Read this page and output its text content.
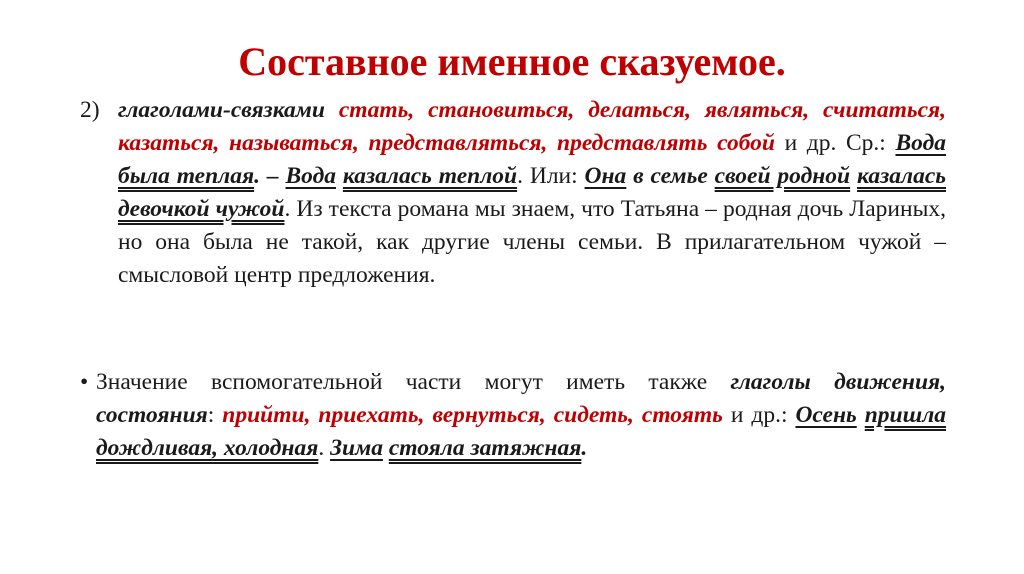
Составное именное сказуемое.
2) глаголами-связками стать, становиться, делаться, являться, считаться, казаться, называться, представляться, представлять собой и др. Ср.: Вода была теплая. – Вода казалась теплой. Или: Она в семье своей родной казалась девочкой чужой. Из текста романа мы знаем, что Татьяна – родная дочь Лариных, но она была не такой, как другие члены семьи. В прилагательном чужой – смысловой центр предложения.
• Значение вспомогательной части могут иметь также глаголы движения, состояния: прийти, приехать, вернуться, сидеть, стоять и др.: Осень пришла дождливая, холодная. Зима стояла затяжная.
